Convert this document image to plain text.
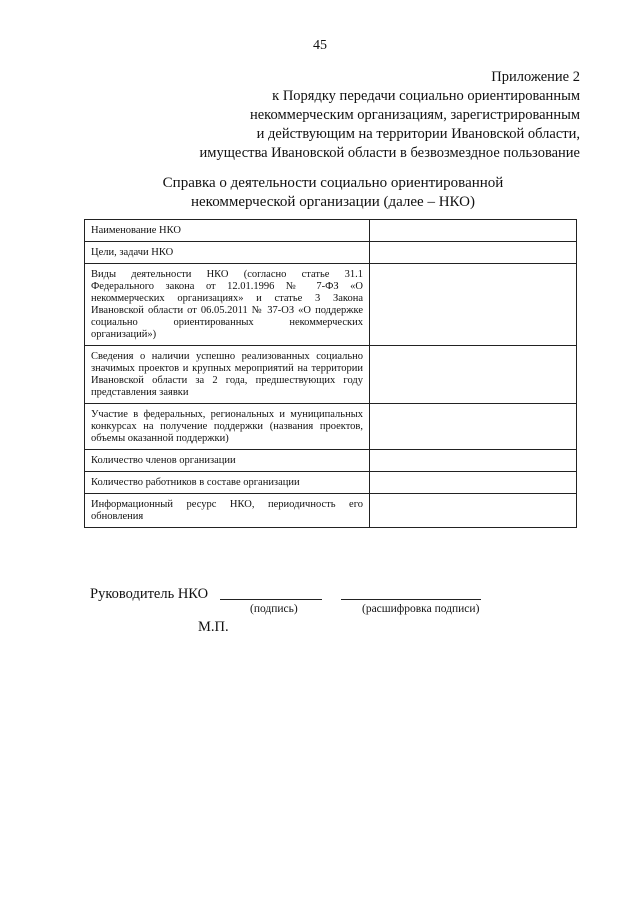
45
Приложение 2
к Порядку передачи социально ориентированным
некоммерческим организациям, зарегистрированным
и действующим на территории Ивановской области,
имущества Ивановской области в безвозмездное пользование
Справка о деятельности социально ориентированной
некоммерческой организации (далее – НКО)
Наименование НКО	
Цели, задачи НКО	
Виды деятельности НКО (согласно статье 31.1 Федерального закона от 12.01.1996 № 7-ФЗ «О некоммерческих организациях» и статье 3 Закона Ивановской области от 06.05.2011 № 37-ОЗ «О поддержке социально ориентированных некоммерческих организаций»)	
Сведения о наличии успешно реализованных социально значимых проектов и крупных мероприятий на территории Ивановской области за 2 года, предшествующих году представления заявки	
Участие в федеральных, региональных и муниципальных конкурсах на получение поддержки (названия проектов, объемы оказанной поддержки)	
Количество членов организации	
Количество работников в составе организации	
Информационный ресурс НКО, периодичность его обновления	
Руководитель НКО
(подпись)	(расшифровка подписи)
М.П.
